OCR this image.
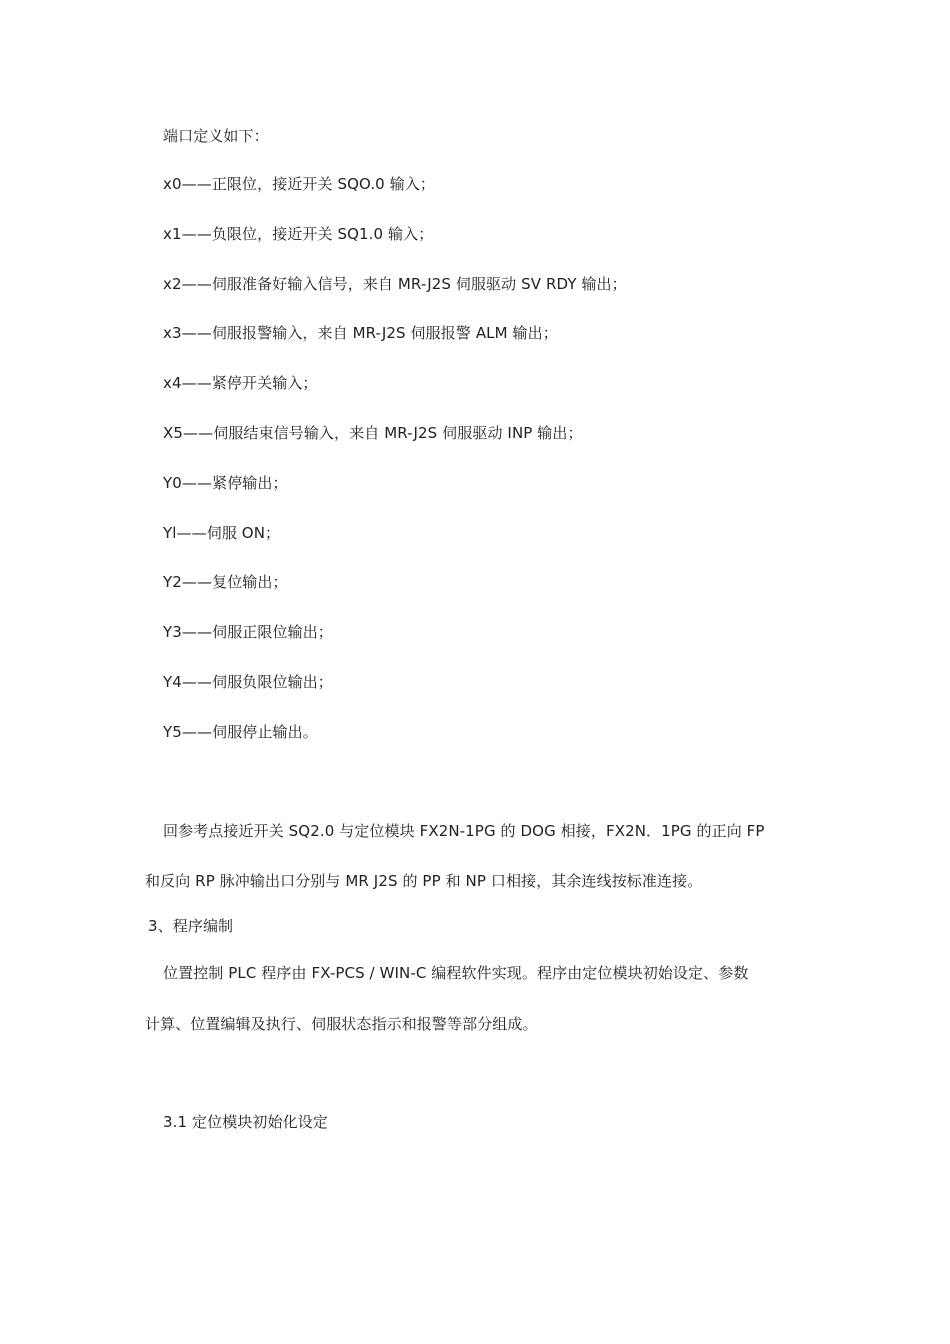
端口定义如下：
x0——正限位，接近开关 SQO.0 输入；
x1——负限位，接近开关 SQ1.0 输入；
x2——伺服准备好输入信号，来自 MR-J2S 伺服驱动 SV RDY 输出；
x3——伺服报警输入，来自 MR-J2S 伺服报警 ALM 输出；
x4——紧停开关输入；
X5——伺服结束信号输入，来自 MR-J2S 伺服驱动 INP 输出；
Y0——紧停输出；
Yl——伺服 ON；
Y2——复位输出；
Y3——伺服正限位输出；
Y4——伺服负限位输出；
Y5——伺服停止输出。
回参考点接近开关 SQ2.0 与定位模块 FX2N-1PG 的 DOG 相接，FX2N．1PG 的正向 FP
和反向 RP 脉冲输出口分别与 MR J2S 的 PP 和 NP 口相接，其余连线按标准连接。
3、程序编制
位置控制 PLC 程序由 FX-PCS / WIN-C 编程软件实现。程序由定位模块初始设定、参数
计算、位置编辑及执行、伺服状态指示和报警等部分组成。
3.1 定位模块初始化设定
